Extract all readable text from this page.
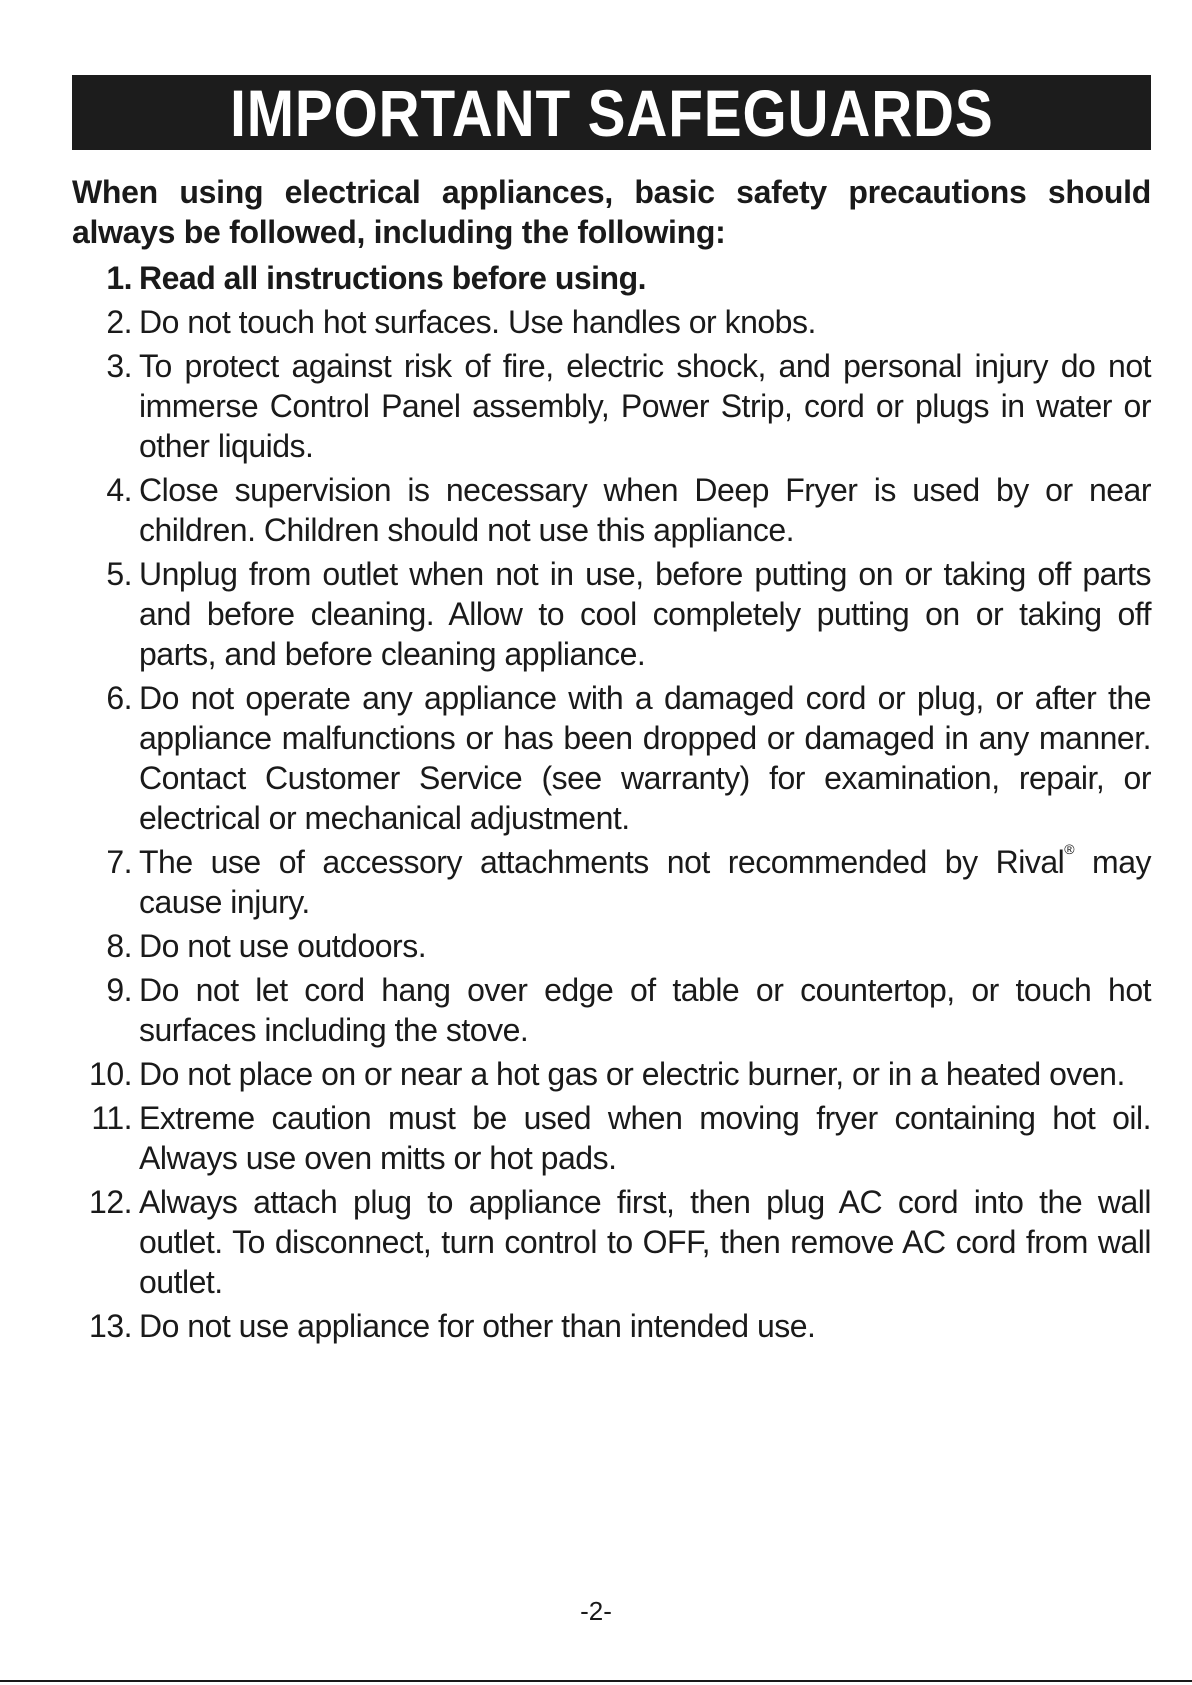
IMPORTANT SAFEGUARDS
When using electrical appliances, basic safety precautions should always be followed, including the following:
1. Read all instructions before using.
2. Do not touch hot surfaces. Use handles or knobs.
3. To protect against risk of fire, electric shock, and personal injury do not immerse Control Panel assembly, Power Strip, cord or plugs in water or other liquids.
4. Close supervision is necessary when Deep Fryer is used by or near children. Children should not use this appliance.
5. Unplug from outlet when not in use, before putting on or taking off parts and before cleaning. Allow to cool completely putting on or taking off parts, and before cleaning appliance.
6. Do not operate any appliance with a damaged cord or plug, or after the appliance malfunctions or has been dropped or damaged in any manner. Contact Customer Service (see warranty) for examination, repair, or electrical or mechanical adjustment.
7. The use of accessory attachments not recommended by Rival® may cause injury.
8. Do not use outdoors.
9. Do not let cord hang over edge of table or countertop, or touch hot surfaces including the stove.
10. Do not place on or near a hot gas or electric burner, or in a heated oven.
11. Extreme caution must be used when moving fryer containing hot oil. Always use oven mitts or hot pads.
12. Always attach plug to appliance first, then plug AC cord into the wall outlet. To disconnect, turn control to OFF, then remove AC cord from wall outlet.
13. Do not use appliance for other than intended use.
-2-
